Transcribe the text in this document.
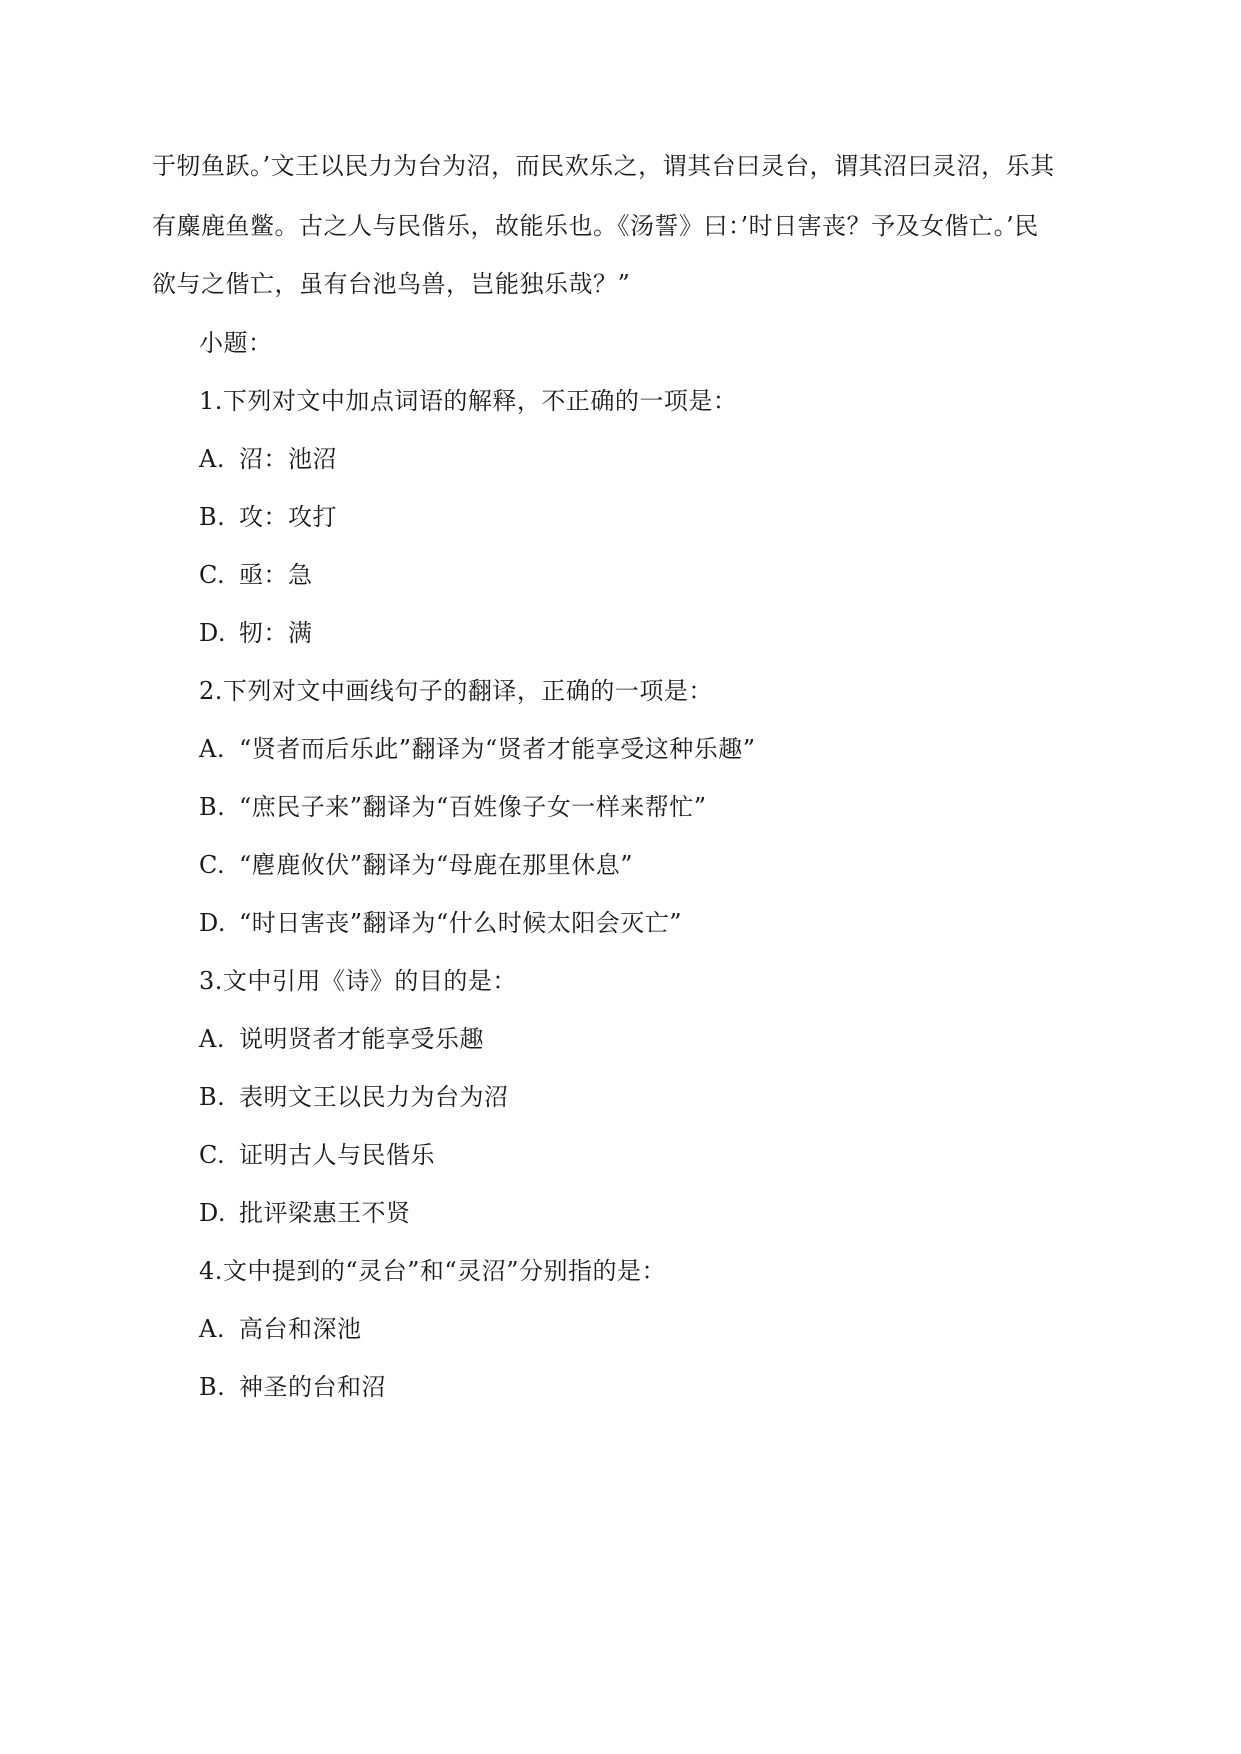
于牣鱼跃。’文王以民力为台为沼，而民欢乐之，谓其台曰灵台，谓其沼曰灵沼，乐其
有麋鹿鱼鳖。古之人与民偕乐，故能乐也。《汤誓》曰：’时日害丧？予及女偕亡。’民
欲与之偕亡，虽有台池鸟兽，岂能独乐哉？”
小题：
1.下列对文中加点词语的解释，不正确的一项是：
A. 沼：池沼
B. 攻：攻打
C. 亟：急
D. 牣：满
2.下列对文中画线句子的翻译，正确的一项是：
A. “贤者而后乐此”翻译为“贤者才能享受这种乐趣”
B. “庶民子来”翻译为“百姓像子女一样来帮忙”
C. “麀鹿攸伏”翻译为“母鹿在那里休息”
D. “时日害丧”翻译为“什么时候太阳会灭亡”
3.文中引用《诗》的目的是：
A. 说明贤者才能享受乐趣
B. 表明文王以民力为台为沼
C. 证明古人与民偕乐
D. 批评梁惠王不贤
4.文中提到的“灵台”和“灵沼”分别指的是：
A. 高台和深池
B. 神圣的台和沼
